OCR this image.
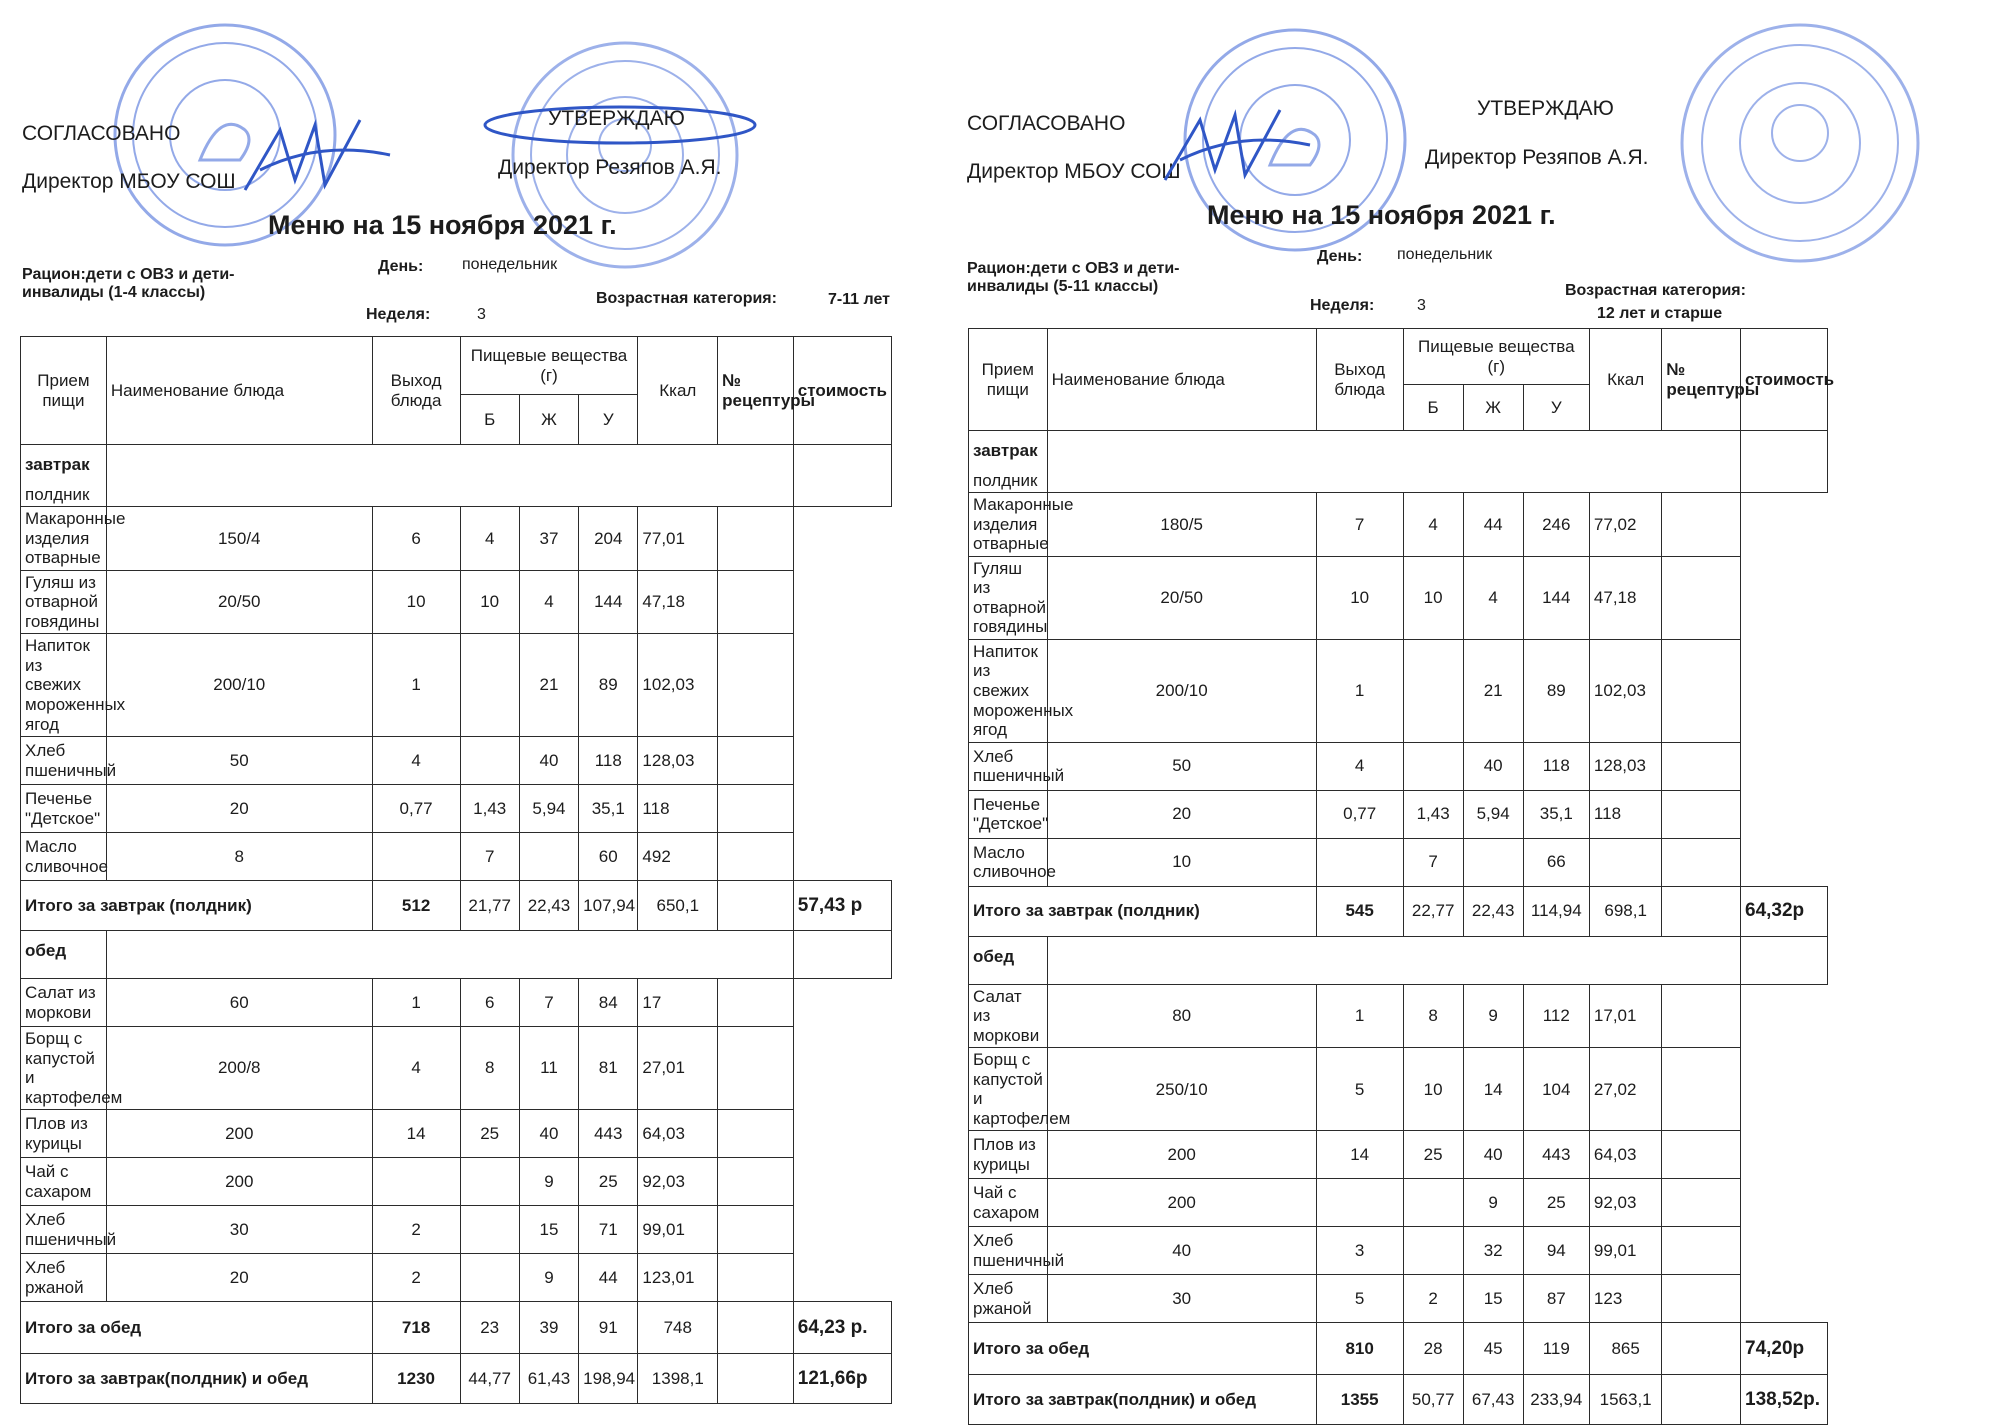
СОГЛАСОВАНО
Директор МБОУ СОШ
УТВЕРЖДАЮ
Директор Резяпов А.Я.
Меню на 15 ноября 2021 г.
Рацион:дети с ОВЗ и дети-инвалиды (1-4 классы)
День: понедельник
Неделя:	3
Возрастная категория:	7-11 лет
Прием пищи	Наименование блюда	Выход блюда	Пищевые вещества (г)			Ккал	№ рецептуры	стоимость
			Б	Ж	У			
завтрак
полдник								

Макаронные изделия отварные	150/4	6	4	37	204	77,01		
Гуляш из отварной говядины	20/50	10	10	4	144	47,18		
Напиток из свежих мороженных ягод	200/10	1		21	89	102,03		
Хлеб пшеничный	50	4		40	118	128,03		
Печенье "Детское"	20	0,77	1,43	5,94	35,1	118		
Масло сливочное	8		7		60	492		
Итого за завтрак (полдник)		512	21,77	22,43	107,94	650,1		57,43 р
обед								
Салат из моркови	60	1	6	7	84	17		
Борщ с капустой и картофелем	200/8	4	8	11	81	27,01		
Плов из курицы	200	14	25	40	443	64,03		
Чай с сахаром	200			9	25	92,03		
Хлеб пшеничный	30	2		15	71	99,01		
Хлеб ржаной	20	2		9	44	123,01		
Итого за обед		718	23	39	91	748		64,23 р.
Итого за завтрак(полдник) и обед		1230	44,77	61,43	198,94	1398,1		121,66р
СОГЛАСОВАНО
Директор МБОУ СОШ
УТВЕРЖДАЮ
Директор Резяпов А.Я.
Меню на 15 ноября 2021 г.
Рацион:дети с ОВЗ и дети-инвалиды (5-11 классы)
День: понедельник
Неделя:	3
Возрастная категория:
12 лет и старше
Прием пищи	Наименование блюда	Выход блюда	Пищевые вещества (г)			Ккал	№ рецептуры	стоимость
			Б	Ж	У			
завтрак
полдник								

Макаронные изделия отварные	180/5	7	4	44	246	77,02		
Гуляш из отварной говядины	20/50	10	10	4	144	47,18		
Напиток из свежих мороженных ягод	200/10	1		21	89	102,03		
Хлеб пшеничный	50	4		40	118	128,03		
Печенье "Детское"	20	0,77	1,43	5,94	35,1	118		
Масло сливочное	10		7		66			
Итого за завтрак (полдник)		545	22,77	22,43	114,94	698,1		64,32р
обед								
Салат из моркови	80	1	8	9	112	17,01		
Борщ с капустой и картофелем	250/10	5	10	14	104	27,02		
Плов из курицы	200	14	25	40	443	64,03		
Чай с сахаром	200			9	25	92,03		
Хлеб пшеничный	40	3		32	94	99,01		
Хлеб ржаной	30	5	2	15	87	123		
Итого за обед		810	28	45	119	865		74,20р
Итого за завтрак(полдник) и обед		1355	50,77	67,43	233,94	1563,1		138,52р.
